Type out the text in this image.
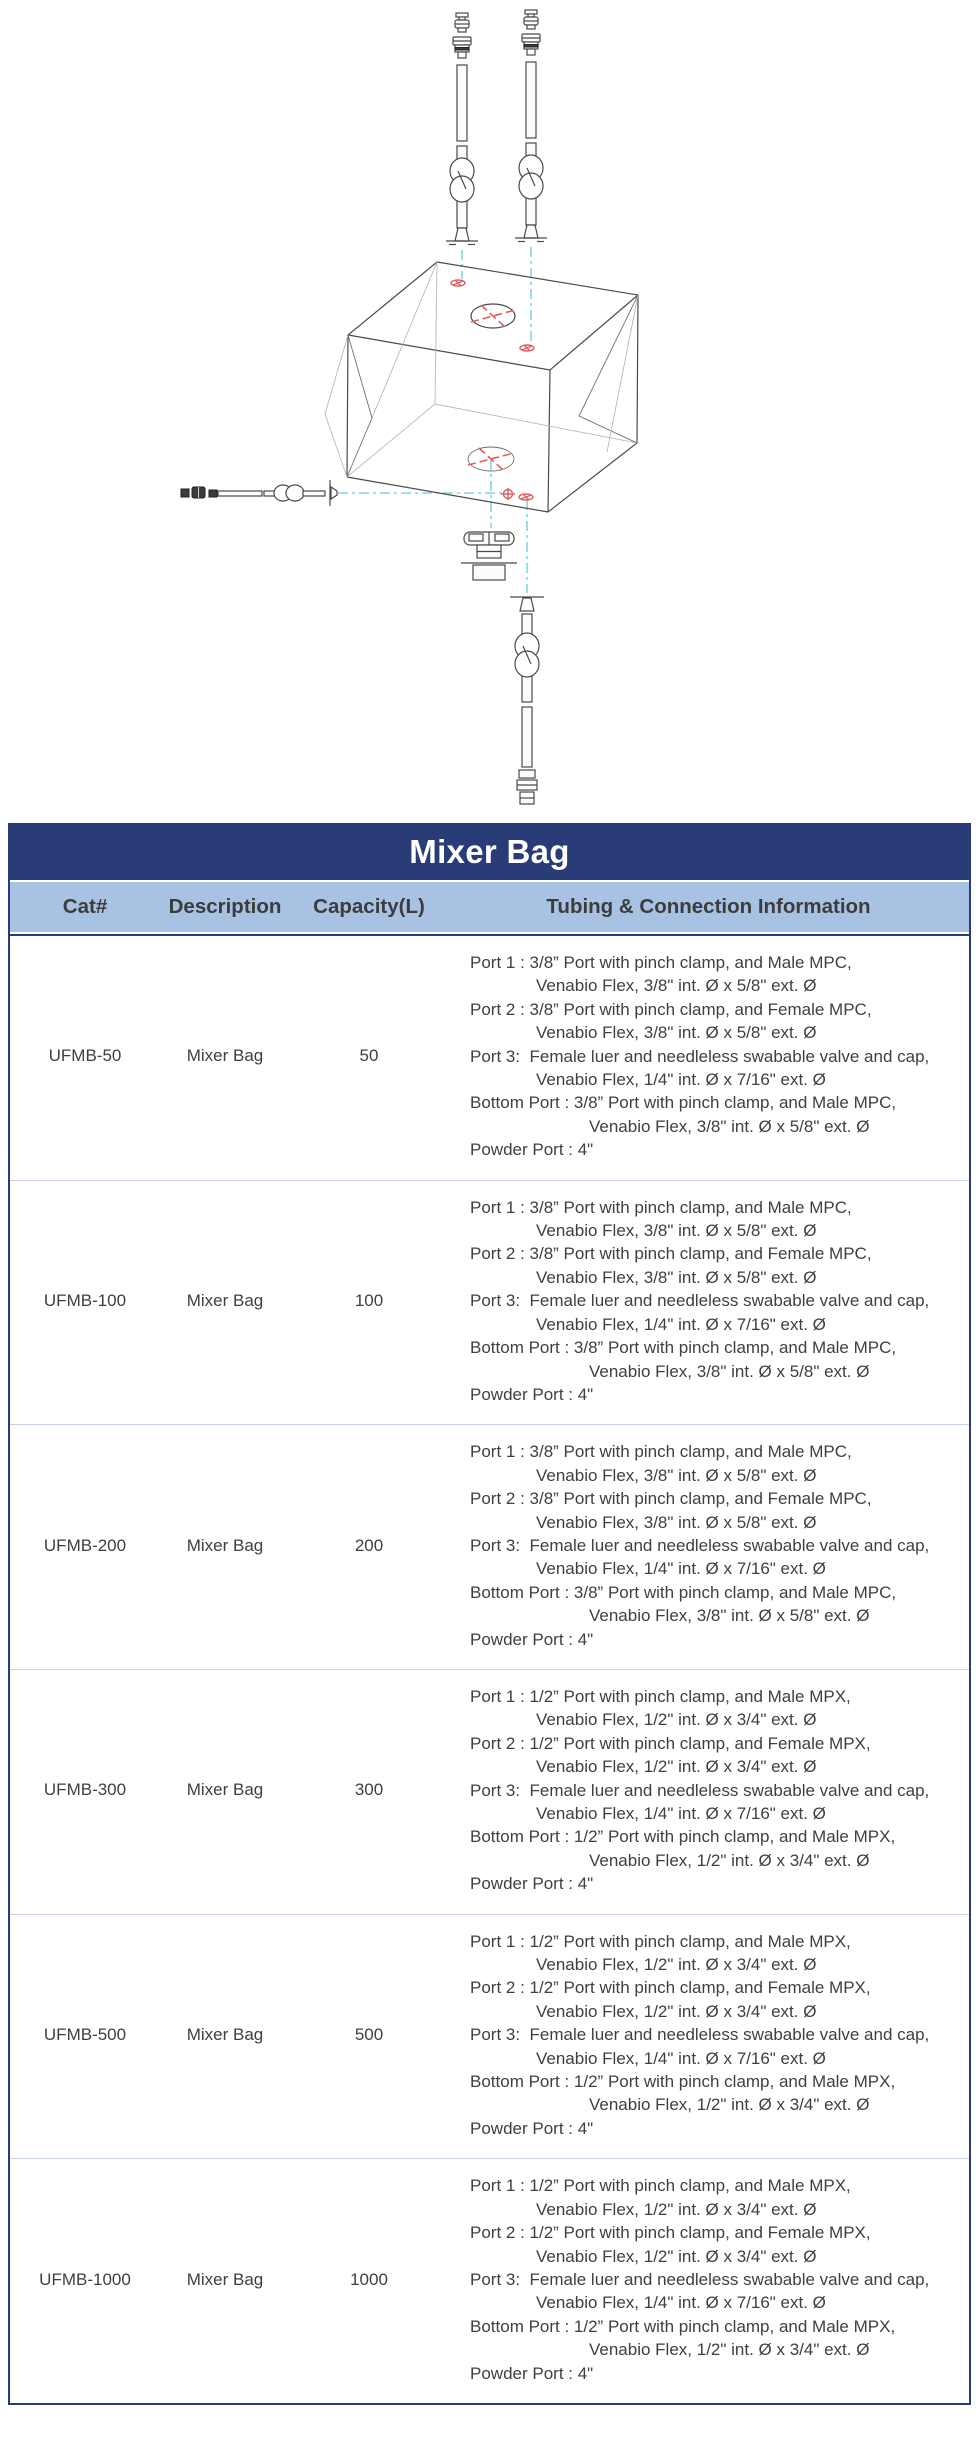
Mixer Bag
Cat#	Description	Capacity(L)	Tubing & Connection Information
UFMB-50	Mixer Bag	50
Port 1 : 3/8” Port with pinch clamp, and Male MPC,
Venabio Flex, 3/8" int. Ø x 5/8" ext. Ø
Port 2 : 3/8” Port with pinch clamp, and Female MPC,
Venabio Flex, 3/8" int. Ø x 5/8" ext. Ø
Port 3:  Female luer and needleless swabable valve and cap,
Venabio Flex, 1/4" int. Ø x 7/16" ext. Ø
Bottom Port : 3/8” Port with pinch clamp, and Male MPC,
Venabio Flex, 3/8" int. Ø x 5/8" ext. Ø
Powder Port : 4"
UFMB-100	Mixer Bag	100
Port 1 : 3/8” Port with pinch clamp, and Male MPC,
Venabio Flex, 3/8" int. Ø x 5/8" ext. Ø
Port 2 : 3/8” Port with pinch clamp, and Female MPC,
Venabio Flex, 3/8" int. Ø x 5/8" ext. Ø
Port 3:  Female luer and needleless swabable valve and cap,
Venabio Flex, 1/4" int. Ø x 7/16" ext. Ø
Bottom Port : 3/8” Port with pinch clamp, and Male MPC,
Venabio Flex, 3/8" int. Ø x 5/8" ext. Ø
Powder Port : 4"
UFMB-200	Mixer Bag	200
Port 1 : 3/8” Port with pinch clamp, and Male MPC,
Venabio Flex, 3/8" int. Ø x 5/8" ext. Ø
Port 2 : 3/8” Port with pinch clamp, and Female MPC,
Venabio Flex, 3/8" int. Ø x 5/8" ext. Ø
Port 3:  Female luer and needleless swabable valve and cap,
Venabio Flex, 1/4" int. Ø x 7/16" ext. Ø
Bottom Port : 3/8” Port with pinch clamp, and Male MPC,
Venabio Flex, 3/8" int. Ø x 5/8" ext. Ø
Powder Port : 4"
UFMB-300	Mixer Bag	300
Port 1 : 1/2” Port with pinch clamp, and Male MPX,
Venabio Flex, 1/2" int. Ø x 3/4" ext. Ø
Port 2 : 1/2” Port with pinch clamp, and Female MPX,
Venabio Flex, 1/2" int. Ø x 3/4" ext. Ø
Port 3:  Female luer and needleless swabable valve and cap,
Venabio Flex, 1/4" int. Ø x 7/16" ext. Ø
Bottom Port : 1/2” Port with pinch clamp, and Male MPX,
Venabio Flex, 1/2" int. Ø x 3/4" ext. Ø
Powder Port : 4"
UFMB-500	Mixer Bag	500
Port 1 : 1/2” Port with pinch clamp, and Male MPX,
Venabio Flex, 1/2" int. Ø x 3/4" ext. Ø
Port 2 : 1/2” Port with pinch clamp, and Female MPX,
Venabio Flex, 1/2" int. Ø x 3/4" ext. Ø
Port 3:  Female luer and needleless swabable valve and cap,
Venabio Flex, 1/4" int. Ø x 7/16" ext. Ø
Bottom Port : 1/2” Port with pinch clamp, and Male MPX,
Venabio Flex, 1/2" int. Ø x 3/4" ext. Ø
Powder Port : 4"
UFMB-1000	Mixer Bag	1000
Port 1 : 1/2” Port with pinch clamp, and Male MPX,
Venabio Flex, 1/2" int. Ø x 3/4" ext. Ø
Port 2 : 1/2” Port with pinch clamp, and Female MPX,
Venabio Flex, 1/2" int. Ø x 3/4" ext. Ø
Port 3:  Female luer and needleless swabable valve and cap,
Venabio Flex, 1/4" int. Ø x 7/16" ext. Ø
Bottom Port : 1/2” Port with pinch clamp, and Male MPX,
Venabio Flex, 1/2" int. Ø x 3/4" ext. Ø
Powder Port : 4"
